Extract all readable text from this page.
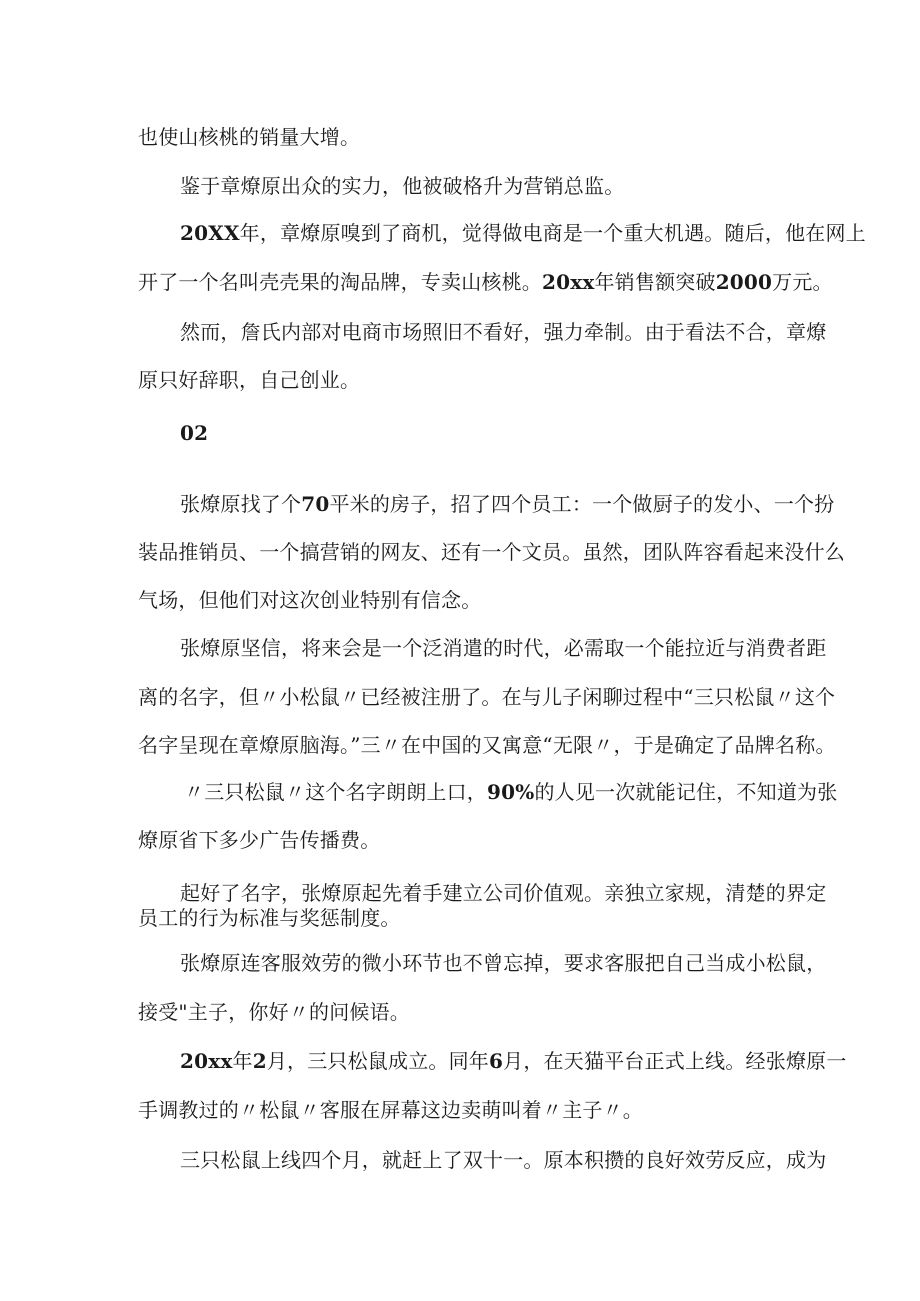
也使山核桃的销量大增。

鉴于章燎原出众的实力，他被破格升为营销总监。

20XX年，章燎原嗅到了商机，觉得做电商是一个重大机遇。随后，他在网上

开了一个名叫壳壳果的淘品牌，专卖山核桃。20xx年销售额突破2000万元。

然而，詹氏内部对电商市场照旧不看好，强力牵制。由于看法不合，章燎

原只好辞职，自己创业。

02

张燎原找了个70平米的房子，招了四个员工：一个做厨子的发小、一个扮

装品推销员、一个搞营销的网友、还有一个文员。虽然，团队阵容看起来没什么

气场，但他们对这次创业特别有信念。

张燎原坚信，将来会是一个泛消遣的时代，必需取一个能拉近与消费者距

离的名字，但〃小松鼠〃已经被注册了。在与儿子闲聊过程中“三只松鼠〃这个

名字呈现在章燎原脑海。”三〃在中国的又寓意“无限〃，于是确定了品牌名称。

〃三只松鼠〃这个名字朗朗上口，90%的人见一次就能记住，不知道为张

燎原省下多少广告传播费。

起好了名字，张燎原起先着手建立公司价值观。亲独立家规，清楚的界定

员工的行为标准与奖惩制度。

张燎原连客服效劳的微小环节也不曾忘掉，要求客服把自己当成小松鼠，

接受"主子，你好〃的问候语。

20xx年2月，三只松鼠成立。同年6月，在天猫平台正式上线。经张燎原一

手调教过的〃松鼠〃客服在屏幕这边卖萌叫着〃主子〃。

三只松鼠上线四个月，就赶上了双十一。原本积攒的良好效劳反应，成为
